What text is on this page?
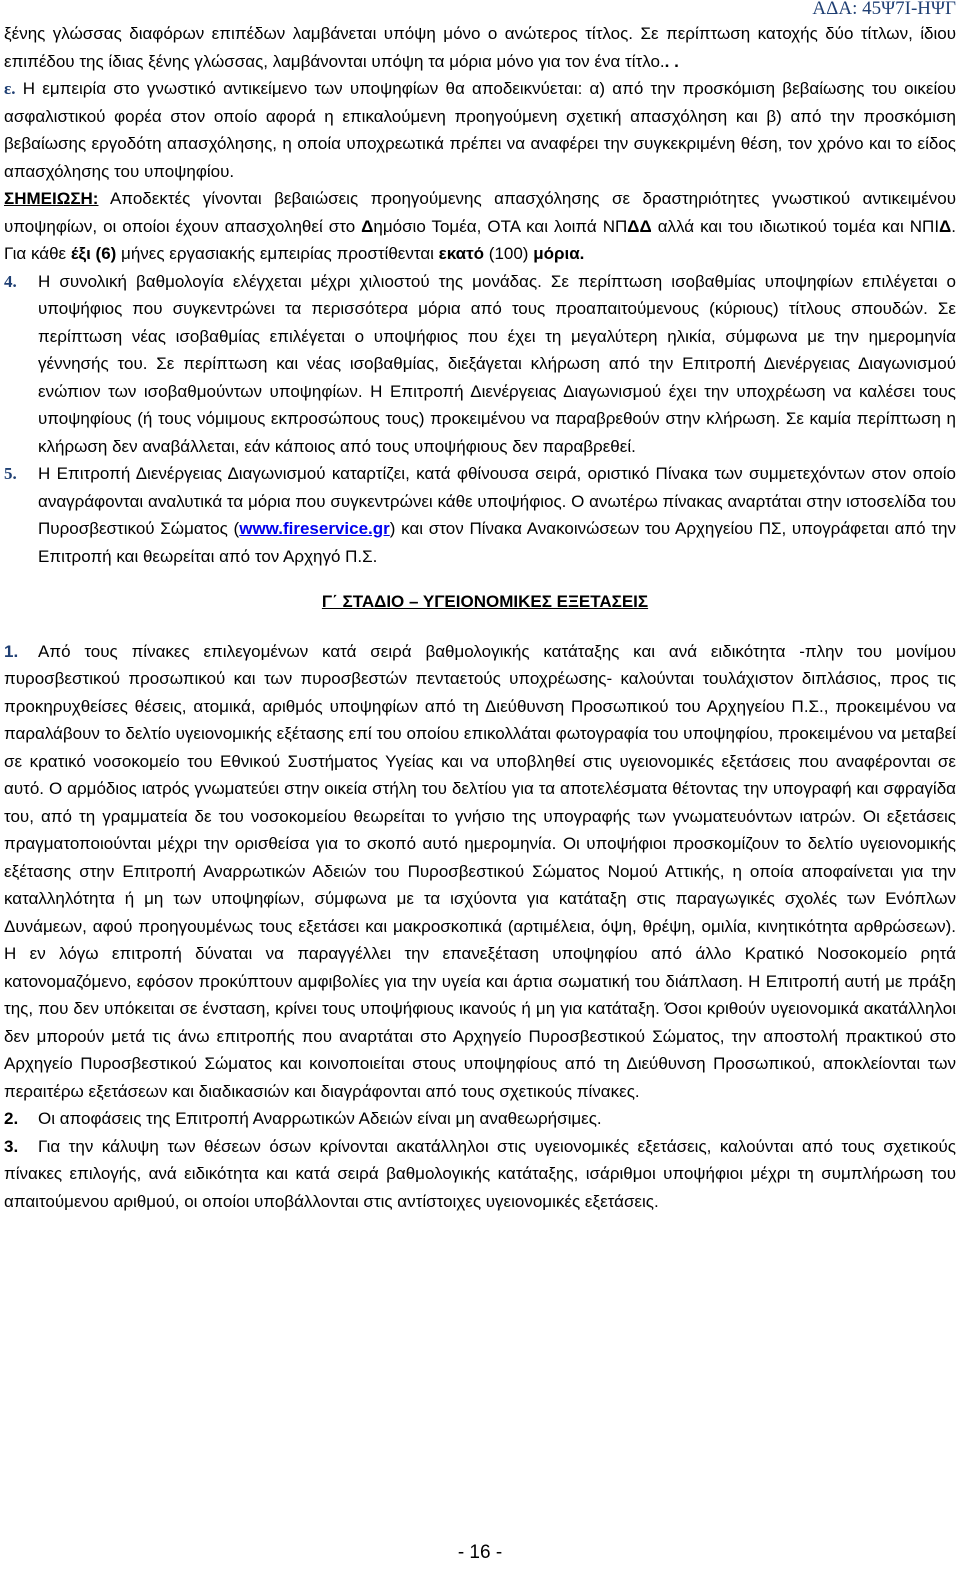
ΑΔΑ: 45Ψ7Ι-ΗΨΓ

ξένης γλώσσας διαφόρων επιπέδων λαμβάνεται υπόψη μόνο ο ανώτερος τίτλος. Σε περίπτωση κατοχής δύο τίτλων, ίδιου επιπέδου της ίδιας ξένης γλώσσας, λαμβάνονται υπόψη τα μόρια μόνο για τον ένα τίτλο.. .

ε. Η εμπειρία στο γνωστικό αντικείμενο των υποψηφίων θα αποδεικνύεται: α) από την προσκόμιση βεβαίωσης του οικείου ασφαλιστικού φορέα στον οποίο αφορά η επικαλούμενη προηγούμενη σχετική απασχόληση και β) από την προσκόμιση βεβαίωσης εργοδότη απασχόλησης, η οποία υποχρεωτικά πρέπει να αναφέρει την συγκεκριμένη θέση, τον χρόνο και το είδος απασχόλησης του υποψηφίου.

ΣΗΜΕΙΩΣΗ: Αποδεκτές γίνονται βεβαιώσεις προηγούμενης απασχόλησης σε δραστηριότητες γνωστικού αντικειμένου υποψηφίων, οι οποίοι έχουν απασχοληθεί στο Δημόσιο Τομέα, ΟΤΑ και λοιπά ΝΠΔΔ αλλά και του ιδιωτικού τομέα και ΝΠΙΔ. Για κάθε έξι (6) μήνες εργασιακής εμπειρίας προστίθενται εκατό (100) μόρια.

4. Η συνολική βαθμολογία ελέγχεται μέχρι χιλιοστού της μονάδας. Σε περίπτωση ισοβαθμίας υποψηφίων επιλέγεται ο υποψήφιος που συγκεντρώνει τα περισσότερα μόρια από τους προαπαιτούμενους (κύριους) τίτλους σπουδών. Σε περίπτωση νέας ισοβαθμίας επιλέγεται ο υποψήφιος που έχει τη μεγαλύτερη ηλικία, σύμφωνα με την ημερομηνία γέννησής του. Σε περίπτωση και νέας ισοβαθμίας, διεξάγεται κλήρωση από την Επιτροπή Διενέργειας Διαγωνισμού ενώπιον των ισοβαθμούντων υποψηφίων. Η Επιτροπή Διενέργειας Διαγωνισμού έχει την υποχρέωση να καλέσει τους υποψηφίους (ή τους νόμιμους εκπροσώπους τους) προκειμένου να παραβρεθούν στην κλήρωση. Σε καμία περίπτωση η κλήρωση δεν αναβάλλεται, εάν κάποιος από τους υποψήφιους δεν παραβρεθεί.

5. Η Επιτροπή Διενέργειας Διαγωνισμού καταρτίζει, κατά φθίνουσα σειρά, οριστικό Πίνακα των συμμετεχόντων στον οποίο αναγράφονται αναλυτικά τα μόρια που συγκεντρώνει κάθε υποψήφιος. Ο ανωτέρω πίνακας αναρτάται στην ιστοσελίδα του Πυροσβεστικού Σώματος (www.fireservice.gr) και στον Πίνακα Ανακοινώσεων του Αρχηγείου ΠΣ, υπογράφεται από την Επιτροπή και θεωρείται από τον Αρχηγό Π.Σ.

Γ΄ ΣΤΑΔΙΟ – ΥΓΕΙΟΝΟΜΙΚΕΣ ΕΞΕΤΑΣΕΙΣ

1. Από τους πίνακες επιλεγομένων κατά σειρά βαθμολογικής κατάταξης και ανά ειδικότητα -πλην του μονίμου πυροσβεστικού προσωπικού και των πυροσβεστών πενταετούς υποχρέωσης- καλούνται τουλάχιστον διπλάσιος, προς τις προκηρυχθείσες θέσεις, ατομικά, αριθμός υποψηφίων από τη Διεύθυνση Προσωπικού του Αρχηγείου Π.Σ., προκειμένου να παραλάβουν το δελτίο υγειονομικής εξέτασης επί του οποίου επικολλάται φωτογραφία του υποψηφίου, προκειμένου να μεταβεί σε κρατικό νοσοκομείο του Εθνικού Συστήματος Υγείας και να υποβληθεί στις υγειονομικές εξετάσεις που αναφέρονται σε αυτό. Ο αρμόδιος ιατρός γνωματεύει στην οικεία στήλη του δελτίου για τα αποτελέσματα θέτοντας την υπογραφή και σφραγίδα του, από τη γραμματεία δε του νοσοκομείου θεωρείται το γνήσιο της υπογραφής των γνωματευόντων ιατρών. Οι εξετάσεις πραγματοποιούνται μέχρι την ορισθείσα για το σκοπό αυτό ημερομηνία. Οι υποψήφιοι προσκομίζουν το δελτίο υγειονομικής εξέτασης στην Επιτροπή Αναρρωτικών Αδειών του Πυροσβεστικού Σώματος Νομού Αττικής, η οποία αποφαίνεται για την καταλληλότητα ή μη των υποψηφίων, σύμφωνα με τα ισχύοντα για κατάταξη στις παραγωγικές σχολές των Ενόπλων Δυνάμεων, αφού προηγουμένως τους εξετάσει και μακροσκοπικά (αρτιμέλεια, όψη, θρέψη, ομιλία, κινητικότητα αρθρώσεων). Η εν λόγω επιτροπή δύναται να παραγγέλλει την επανεξέταση υποψηφίου από άλλο Κρατικό Νοσοκομείο ρητά κατονομαζόμενο, εφόσον προκύπτουν αμφιβολίες για την υγεία και άρτια σωματική του διάπλαση. Η Επιτροπή αυτή με πράξη της, που δεν υπόκειται σε ένσταση, κρίνει τους υποψήφιους ικανούς ή μη για κατάταξη. Όσοι κριθούν υγειονομικά ακατάλληλοι δεν μπορούν μετά τις άνω επιτροπής που αναρτάται στο Αρχηγείο Πυροσβεστικού Σώματος, την αποστολή πρακτικού στο Αρχηγείο Πυροσβεστικού Σώματος και κοινοποιείται στους υποψηφίους από τη Διεύθυνση Προσωπικού, αποκλείονται των περαιτέρω εξετάσεων και διαδικασιών και διαγράφονται από τους σχετικούς πίνακες.

2. Οι αποφάσεις της Επιτροπή Αναρρωτικών Αδειών είναι μη αναθεωρήσιμες.

3. Για την κάλυψη των θέσεων όσων κρίνονται ακατάλληλοι στις υγειονομικές εξετάσεις, καλούνται από τους σχετικούς πίνακες επιλογής, ανά ειδικότητα και κατά σειρά βαθμολογικής κατάταξης, ισάριθμοι υποψήφιοι μέχρι τη συμπλήρωση του απαιτούμενου αριθμού, οι οποίοι υποβάλλονται στις αντίστοιχες υγειονομικές εξετάσεις.

- 16 -
